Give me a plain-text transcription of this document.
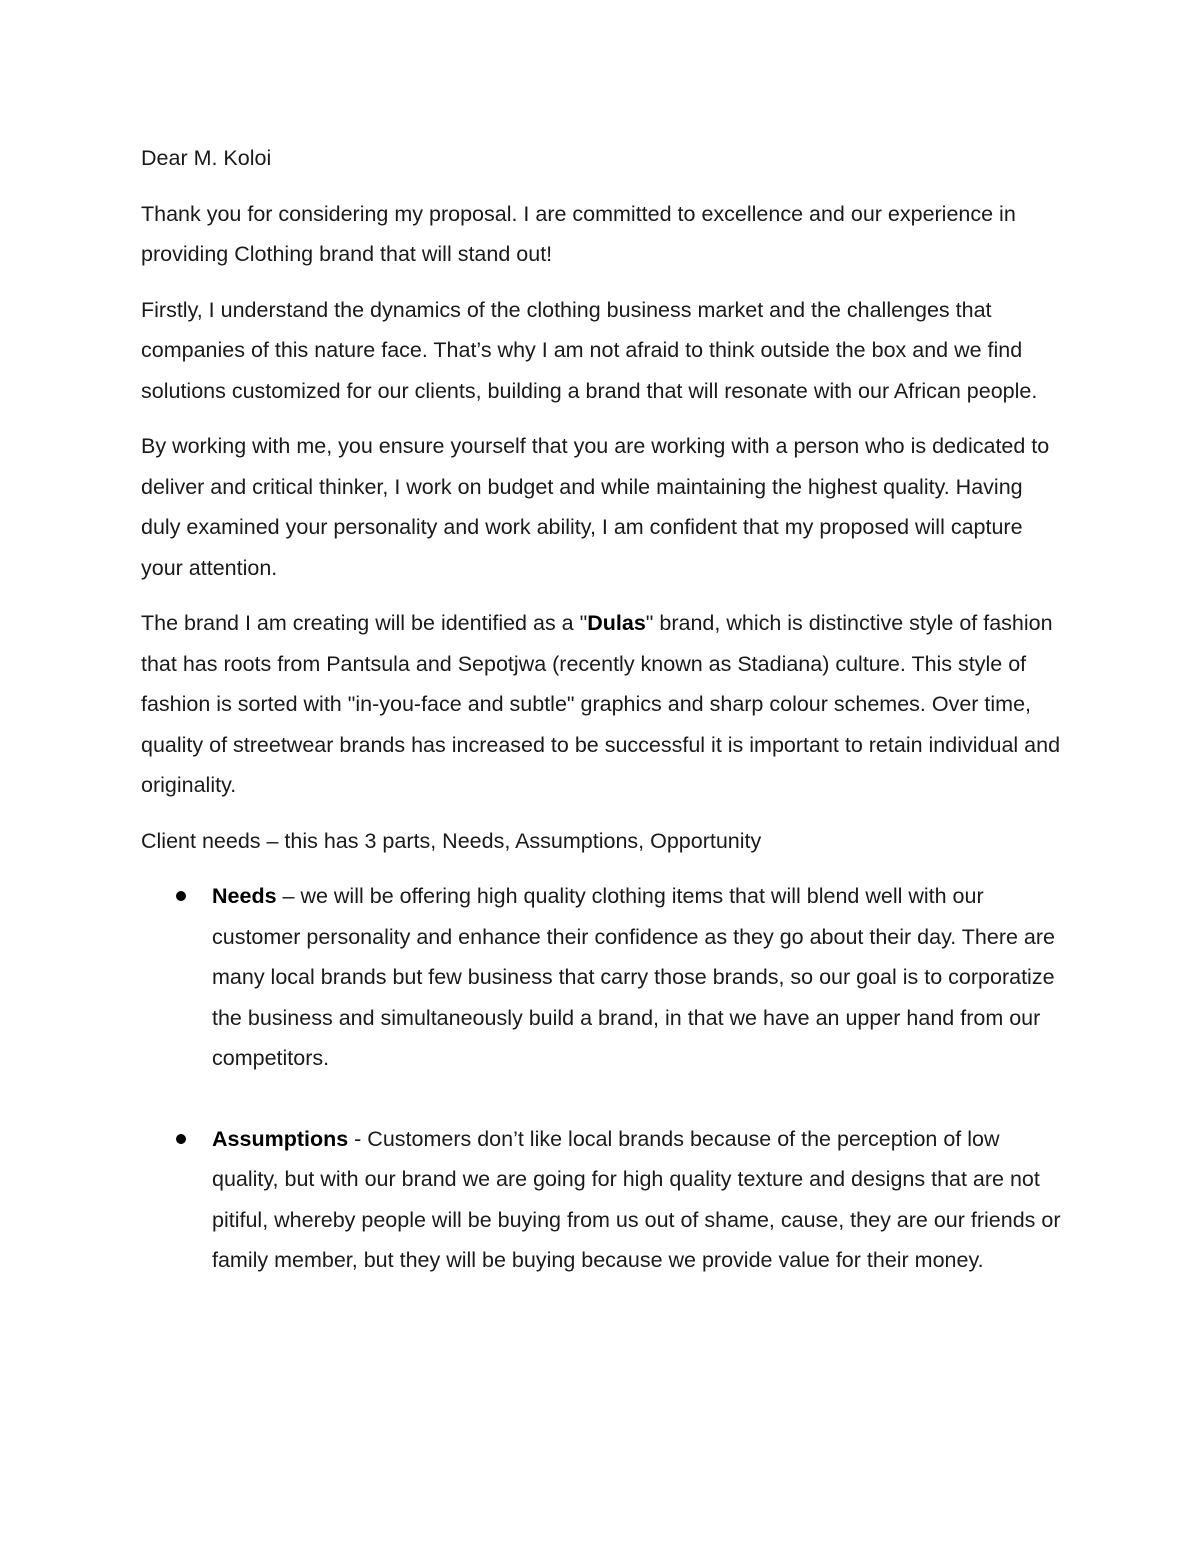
Dear M. Koloi

Thank you for considering my proposal. I are committed to excellence and our experience in providing Clothing brand that will stand out!

Firstly, I understand the dynamics of the clothing business market and the challenges that companies of this nature face. That’s why I am not afraid to think outside the box and we find solutions customized for our clients, building a brand that will resonate with our African people.

By working with me, you ensure yourself that you are working with a person who is dedicated to deliver and critical thinker, I work on budget and while maintaining the highest quality. Having duly examined your personality and work ability, I am confident that my proposed will capture your attention.

The brand I am creating will be identified as a "Dulas" brand, which is distinctive style of fashion that has roots from Pantsula and Sepotjwa (recently known as Stadiana) culture. This style of fashion is sorted with "in-you-face and subtle" graphics and sharp colour schemes. Over time, quality of streetwear brands has increased to be successful it is important to retain individual and originality.

Client needs – this has 3 parts, Needs, Assumptions, Opportunity

Needs – we will be offering high quality clothing items that will blend well with our customer personality and enhance their confidence as they go about their day. There are many local brands but few business that carry those brands, so our goal is to corporatize the business and simultaneously build a brand, in that we have an upper hand from our competitors.
Assumptions - Customers don’t like local brands because of the perception of low quality, but with our brand we are going for high quality texture and designs that are not pitiful, whereby people will be buying from us out of shame, cause, they are our friends or family member, but they will be buying because we provide value for their money.
